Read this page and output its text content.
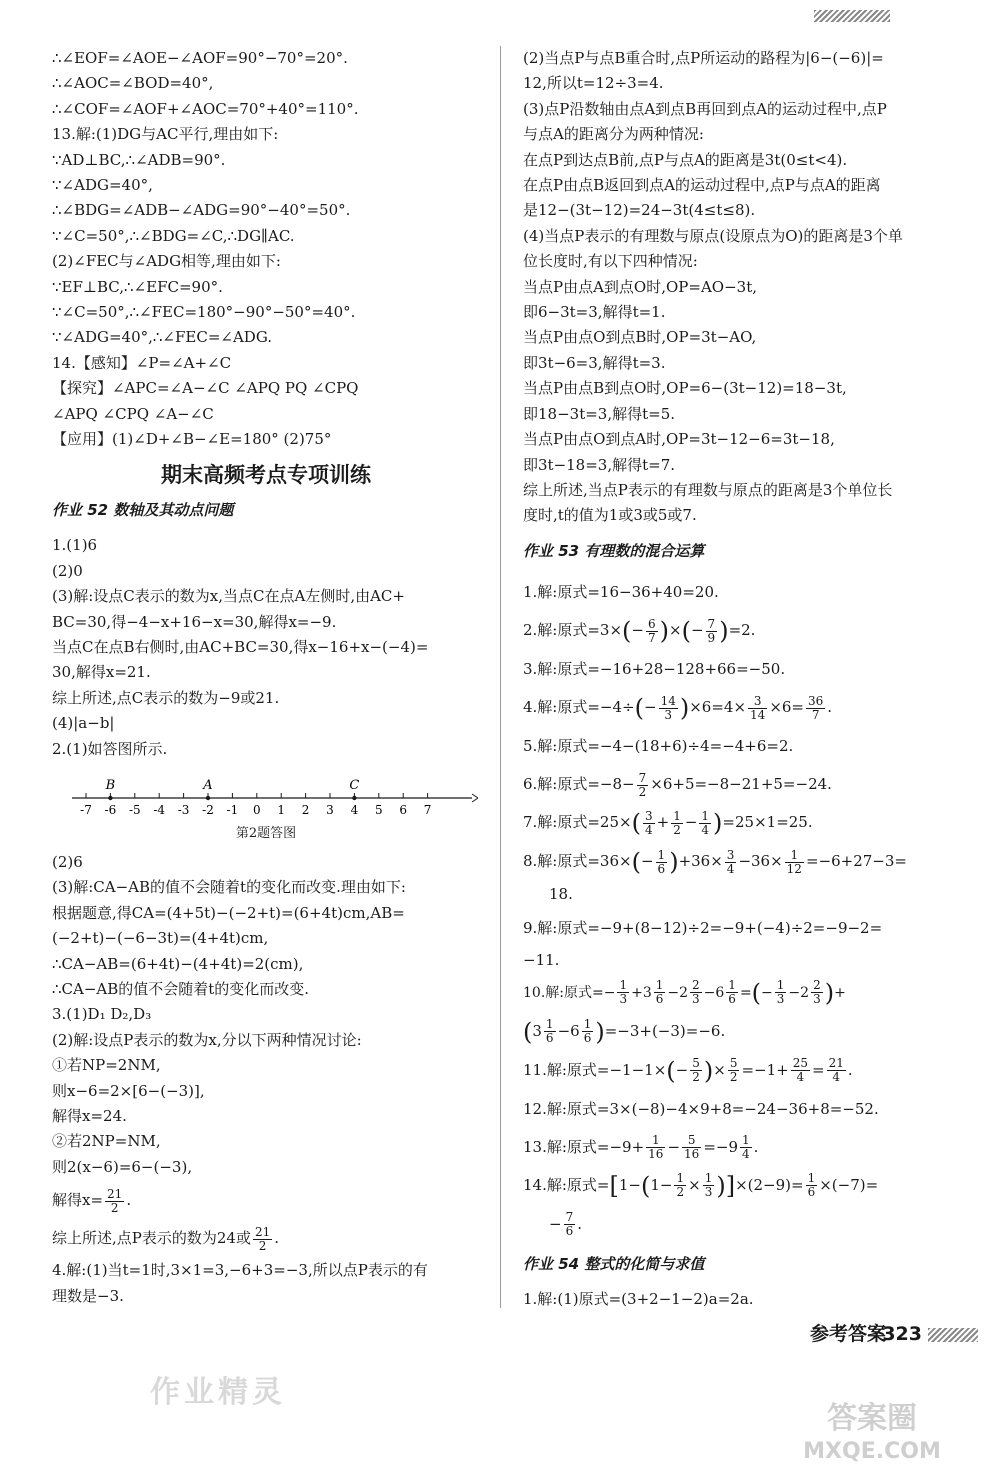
∴∠EOF=∠AOE−∠AOF=90°−70°=20°.
∴∠AOC=∠BOD=40°,
∴∠COF=∠AOF+∠AOC=70°+40°=110°.
13.解:(1)DG与AC平行,理由如下:
∵AD⊥BC,∴∠ADB=90°.
∵∠ADG=40°,
∴∠BDG=∠ADB−∠ADG=90°−40°=50°.
∵∠C=50°,∴∠BDG=∠C,∴DG∥AC.
(2)∠FEC与∠ADG相等,理由如下:
∵EF⊥BC,∴∠EFC=90°.
∵∠C=50°,∴∠FEC=180°−90°−50°=40°.
∵∠ADG=40°,∴∠FEC=∠ADG.
14.【感知】∠P=∠A+∠C
【探究】∠APC=∠A−∠C ∠APQ PQ ∠CPQ
∠APQ ∠CPQ ∠A−∠C
【应用】(1)∠D+∠B−∠E=180° (2)75°
期末高频考点专项训练
作业 52 数轴及其动点问题
1.(1)6
(2)0
(3)解:设点C表示的数为x,当点C在点A左侧时,由AC+
BC=30,得−4−x+16−x=30,解得x=−9.
当点C在点B右侧时,由AC+BC=30,得x−16+x−(−4)=
30,解得x=21.
综上所述,点C表示的数为−9或21.
(4)|a−b|
2.(1)如答图所示.
-7 -6 -5 -4 -3 -2 -1 0 1 2 3 4 5 6 7
B	A	C
第2题答图
(2)6
(3)解:CA−AB的值不会随着t的变化而改变.理由如下:
根据题意,得CA=(4+5t)−(−2+t)=(6+4t)cm,AB=
(−2+t)−(−6−3t)=(4+4t)cm,
∴CA−AB=(6+4t)−(4+4t)=2(cm),
∴CA−AB的值不会随着t的变化而改变.
3.(1)D₁ D₂,D₃
(2)解:设点P表示的数为x,分以下两种情况讨论:
①若NP=2NM,
则x−6=2×[6−(−3)],
解得x=24.
②若2NP=NM,
则2(x−6)=6−(−3),
解得$x= \frac{21}{2}$ .
综上所述,点P表示的数为24或 $\frac{21}{2}$ .
4.解:(1)当t=1时,3×1=3,−6+3=−3,所以点P表示的有
理数是−3.
(2)当点P与点B重合时,点P所运动的路程为|6−(−6)|=
12,所以t=12÷3=4.
(3)点P沿数轴由点A到点B再回到点A的运动过程中,点P
与点A的距离分为两种情况:
在点P到达点B前,点P与点A的距离是3t(0≤t<4).
在点P由点B返回到点A的运动过程中,点P与点A的距离
是12−(3t−12)=24−3t(4≤t≤8).
(4)当点P表示的有理数与原点(设原点为O)的距离是3个单
位长度时,有以下四种情况:
当点P由点A到点O时,OP=AO−3t,
即6−3t=3,解得t=1.
当点P由点O到点B时,OP=3t−AO,
即3t−6=3,解得t=3.
当点P由点B到点O时,OP=6−(3t−12)=18−3t,
即18−3t=3,解得t=5.
当点P由点O到点A时,OP=3t−12−6=3t−18,
即3t−18=3,解得t=7.
综上所述,当点P表示的有理数与原点的距离是3个单位长
度时,t的值为1或3或5或7.
作业 53 有理数的混合运算
1.解:原式=16−36+40=20.
2.解:原式$=3\times(- \frac{6}{7}$ )×(− $\frac{7}{9} )=2$.
3.解:原式=−16+28−128+66=−50.
4.解:原式$=-4\div(- \frac{14}{3} )\times 6=4\times \frac{3}{14} \times 6= \frac{36}{7}$ .
5.解:原式=−4−(18+6)÷4=−4+6=2.
6.解:原式$=-8- \frac{7}{2} \times 6+5=-8-21+5=-24$.
7.解:原式$=25\times( \frac{3}{4} + \frac{1}{2} - \frac{1}{4} )=25\times 1=25$.
8.解:原式$=36\times(- \frac{1}{6} )+36\times \frac{3}{4} -36\times \frac{1}{12} =-6+27-3=$
18.
9.解:原式=−9+(8−12)÷2=−9+(−4)÷2=−9−2=
−11.
10.解:原式=− $\frac{1}{3} +3 \frac{1}{6} -2 \frac{2}{3} -6 \frac{1}{6}$ =(− $\frac{1}{3} -2 \frac{2}{3}$ )+
$(3 \frac{1}{6} -6 \frac{1}{6} )=-3+(-3)=-6$.
11.解:原式$=-1-1\times(- \frac{5}{2}$ )× $\frac{5}{2} =-1+ \frac{25}{4} = \frac{21}{4}$ .
12.解:原式=3×(−8)−4×9+8=−24−36+8=−52.
13.解:原式$=-9+ \frac{1}{16} - \frac{5}{16} =-9 \frac{1}{4}$ .
14.解:原式$=[1-(1- \frac{1}{2} \times \frac{1}{3} )]\times(2-9)= \frac{1}{6} \times(-7)=$
− $\frac{7}{6}$ .
作业 54 整式的化简与求值
1.解:(1)原式=(3+2−1−2)a=2a.
参考答案
323
作业精灵
答案圈
MXQE.COM
